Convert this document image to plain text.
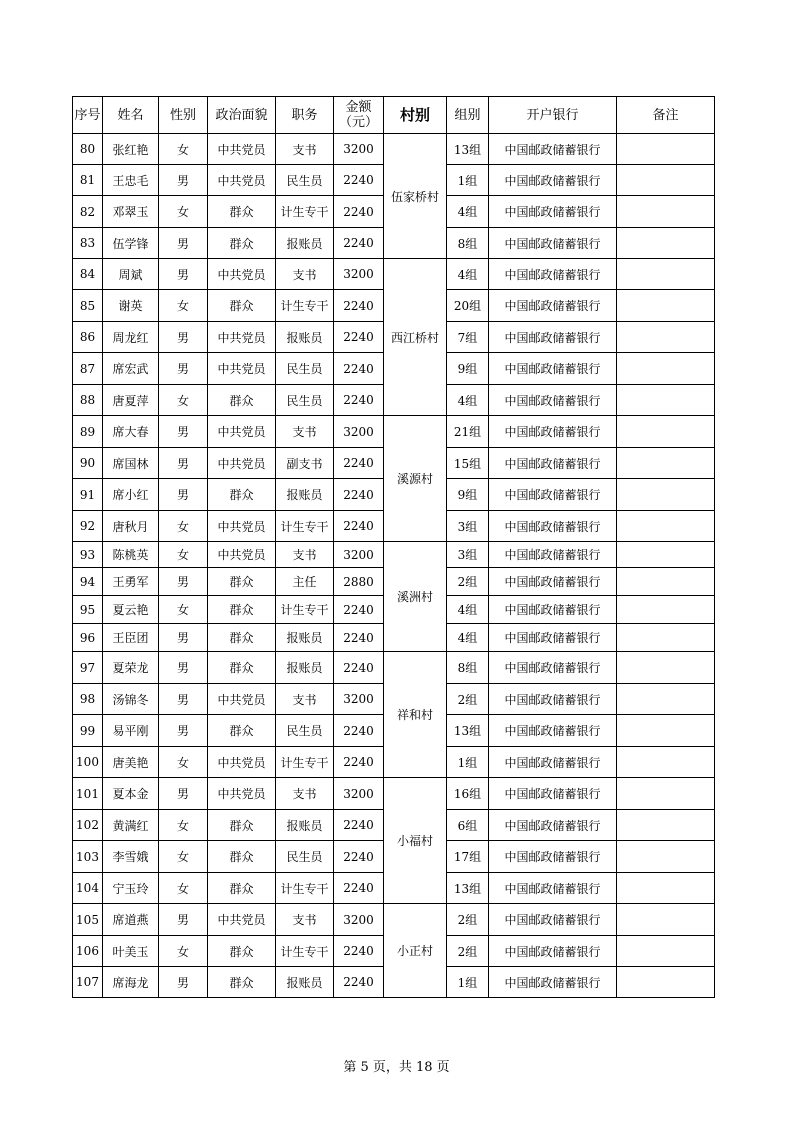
序号	姓名	性别	政治面貌	职务	金额（元）	村别	组别	开户银行	备注
80	张红艳	女	中共党员	支书	3200	伍家桥村	13组	中国邮政储蓄银行	
81	王忠毛	男	中共党员	民生员	2240		1组	中国邮政储蓄银行	
82	邓翠玉	女	群众	计生专干	2240		4组	中国邮政储蓄银行	
83	伍学锋	男	群众	报账员	2240		8组	中国邮政储蓄银行	
84	周斌	男	中共党员	支书	3200	西江桥村	4组	中国邮政储蓄银行	
85	谢英	女	群众	计生专干	2240		20组	中国邮政储蓄银行	
86	周龙红	男	中共党员	报账员	2240		7组	中国邮政储蓄银行	
87	席宏武	男	中共党员	民生员	2240		9组	中国邮政储蓄银行	
88	唐夏萍	女	群众	民生员	2240		4组	中国邮政储蓄银行	
89	席大春	男	中共党员	支书	3200	溪源村	21组	中国邮政储蓄银行	
90	席国林	男	中共党员	副支书	2240		15组	中国邮政储蓄银行	
91	席小红	男	群众	报账员	2240		9组	中国邮政储蓄银行	
92	唐秋月	女	中共党员	计生专干	2240		3组	中国邮政储蓄银行	
93	陈桃英	女	中共党员	支书	3200	溪洲村	3组	中国邮政储蓄银行	
94	王勇军	男	群众	主任	2880		2组	中国邮政储蓄银行	
95	夏云艳	女	群众	计生专干	2240		4组	中国邮政储蓄银行	
96	王臣团	男	群众	报账员	2240		4组	中国邮政储蓄银行	
97	夏荣龙	男	群众	报账员	2240	祥和村	8组	中国邮政储蓄银行	
98	汤锦冬	男	中共党员	支书	3200		2组	中国邮政储蓄银行	
99	易平刚	男	群众	民生员	2240		13组	中国邮政储蓄银行	
100	唐美艳	女	中共党员	计生专干	2240		1组	中国邮政储蓄银行	
101	夏本金	男	中共党员	支书	3200	小福村	16组	中国邮政储蓄银行	
102	黄满红	女	群众	报账员	2240		6组	中国邮政储蓄银行	
103	李雪娥	女	群众	民生员	2240		17组	中国邮政储蓄银行	
104	宁玉玲	女	群众	计生专干	2240		13组	中国邮政储蓄银行	
105	席道燕	男	中共党员	支书	3200	小正村	2组	中国邮政储蓄银行	
106	叶美玉	女	群众	计生专干	2240		2组	中国邮政储蓄银行	
107	席海龙	男	群众	报账员	2240		1组	中国邮政储蓄银行	
第 5 页，共 18 页
